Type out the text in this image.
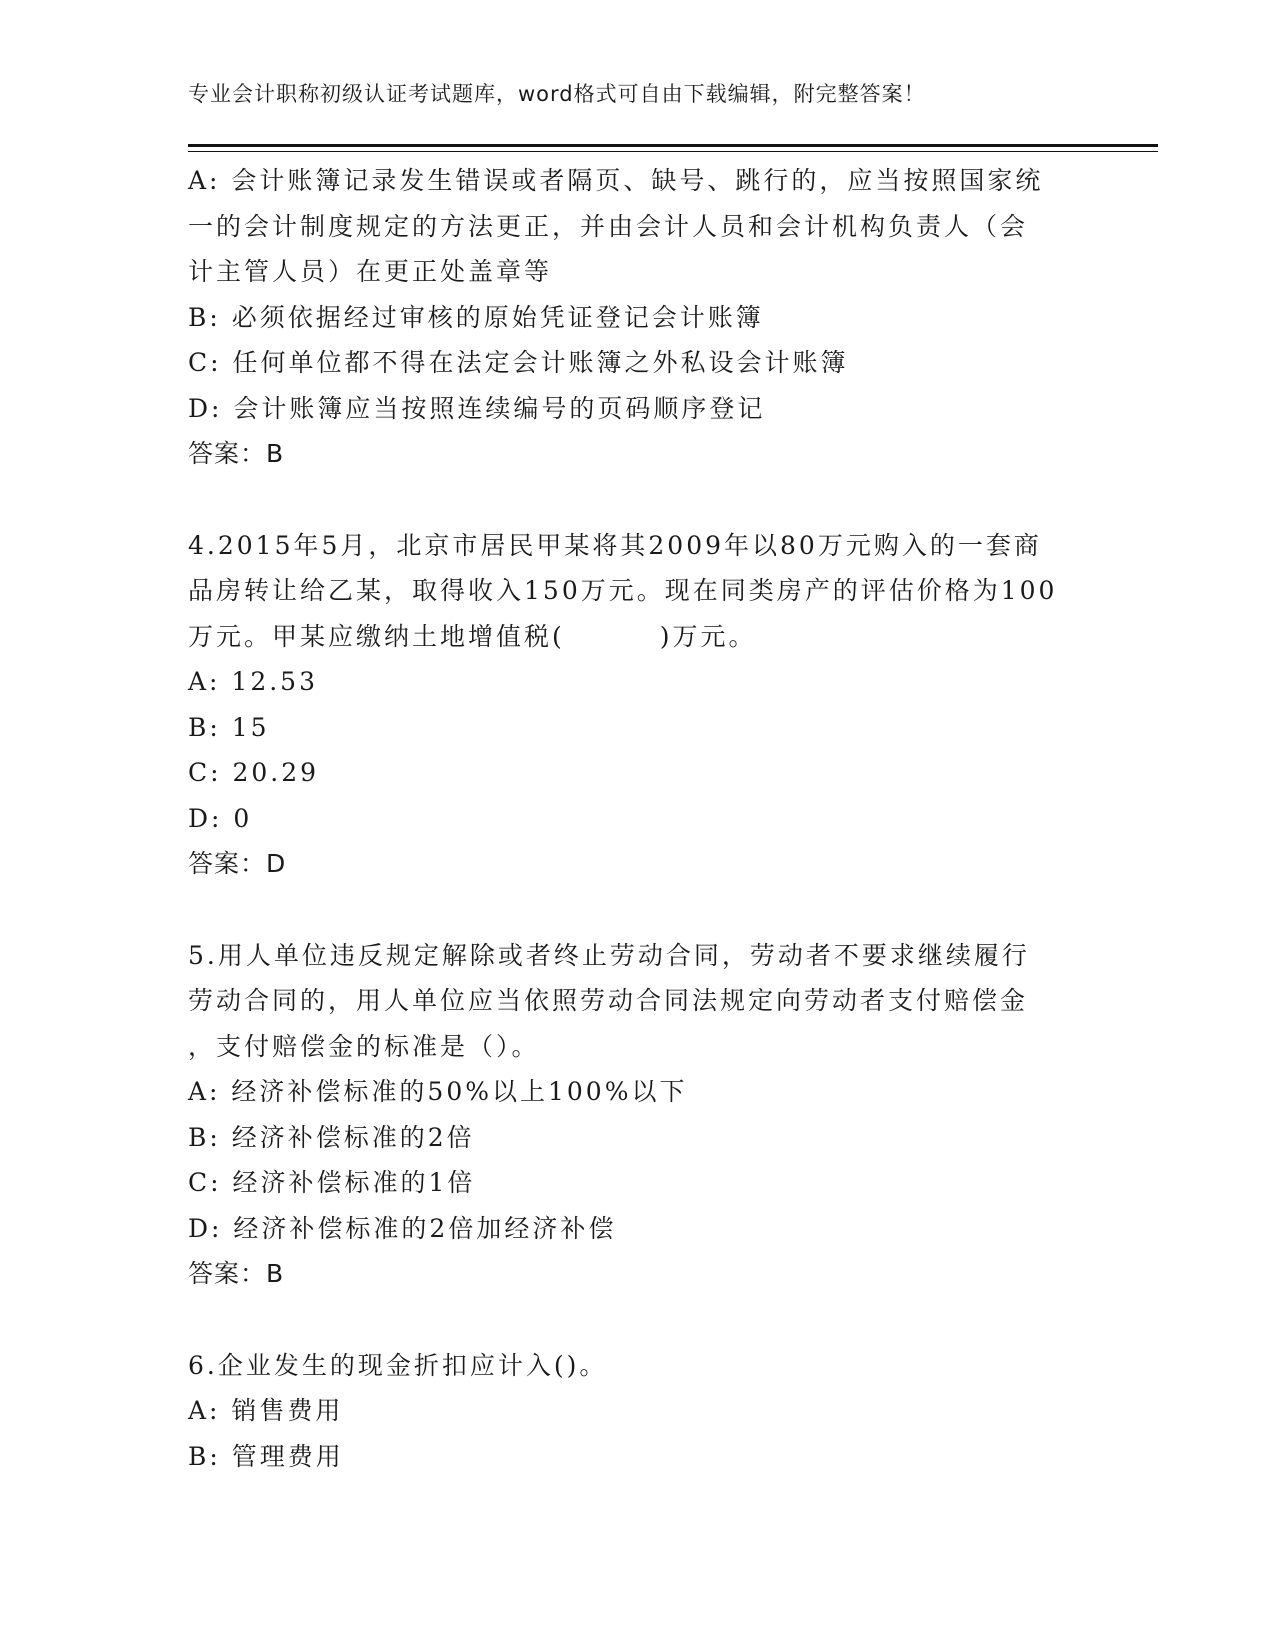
专业会计职称初级认证考试题库，word格式可自由下载编辑，附完整答案！
A: 会计账簿记录发生错误或者隔页、缺号、跳行的，应当按照国家统
一的会计制度规定的方法更正，并由会计人员和会计机构负责人（会
计主管人员）在更正处盖章等
B: 必须依据经过审核的原始凭证登记会计账簿
C: 任何单位都不得在法定会计账簿之外私设会计账簿
D: 会计账簿应当按照连续编号的页码顺序登记
答案：B
4.2015年5月，北京市居民甲某将其2009年以80万元购入的一套商
品房转让给乙某，取得收入150万元。现在同类房产的评估价格为100
万元。甲某应缴纳土地增值税(　　　 )万元。
A: 12.53
B: 15
C: 20.29
D: 0
答案：D
5.用人单位违反规定解除或者终止劳动合同，劳动者不要求继续履行
劳动合同的，用人单位应当依照劳动合同法规定向劳动者支付赔偿金
，支付赔偿金的标准是（）。
A: 经济补偿标准的50%以上100%以下
B: 经济补偿标准的2倍
C: 经济补偿标准的1倍
D: 经济补偿标准的2倍加经济补偿
答案：B
6.企业发生的现金折扣应计入()。
A: 销售费用
B: 管理费用
